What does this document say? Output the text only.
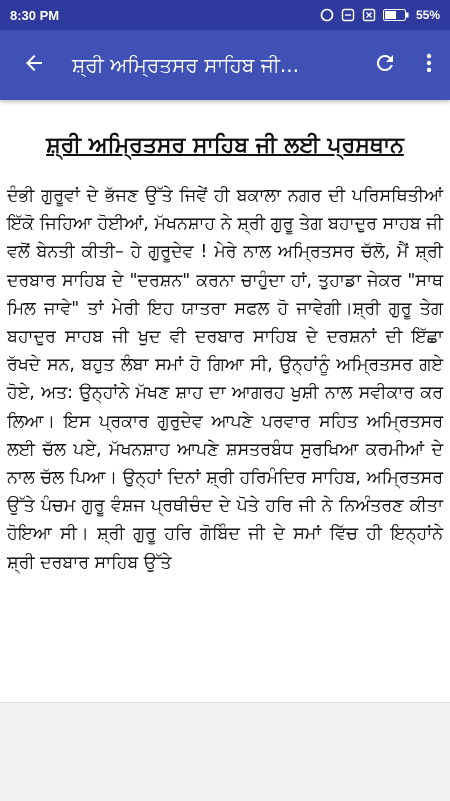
8:30 PM	55%
ਸ਼੍ਰੀ ਅਮ੍ਰਿਤਸਰ ਸਾਹਿਬ ਜੀ...
ਸ਼੍ਰੀ ਅਮ੍ਰਿਤਸਰ ਸਾਹਿਬ ਜੀ ਲਈ ਪ੍ਰਸਥਾਨ

ਦੰਭੀ ਗੁਰੂਵਾਂ ਦੇ ਭੱਜਣ ਉੱਤੇ ਜਿਵੇਂ ਹੀ ਬਕਾਲਾ ਨਗਰ ਦੀ ਪਰਿਸਥਿਤੀਆਂ ਇੱਕੋ ਜਿਹਿਆ ਹੋਈਆਂ, ਮੱਖਨਸ਼ਾਹ ਨੇ ਸ਼੍ਰੀ ਗੁਰੂ ਤੇਗ ਬਹਾਦੁਰ ਸਾਹਬ ਜੀ ਵਲੋਂ ਬੇਨਤੀ ਕੀਤੀ– ਹੇ ਗੁਰੂਦੇਵ ! ਮੇਰੇ ਨਾਲ ਅਮ੍ਰਿਤਸਰ ਚੱਲੋ, ਮੈਂ ਸ਼੍ਰੀ ਦਰਬਾਰ ਸਾਹਿਬ ਦੇ "ਦਰਸ਼ਨ" ਕਰਨਾ ਚਾਹੁੰਦਾ ਹਾਂ, ਤੁਹਾਡਾ ਜੇਕਰ "ਸਾਥ ਮਿਲ ਜਾਵੇ" ਤਾਂ ਮੇਰੀ ਇਹ ਯਾਤਰਾ ਸਫਲ ਹੋ ਜਾਵੇਗੀ।ਸ਼੍ਰੀ ਗੁਰੂ ਤੇਗ ਬਹਾਦੁਰ ਸਾਹਬ ਜੀ ਖੁਦ ਵੀ ਦਰਬਾਰ ਸਾਹਿਬ ਦੇ ਦਰਸ਼ਨਾਂ ਦੀ ਇੱਛਾ ਰੱਖਦੇ ਸਨ, ਬਹੁਤ ਲੰਬਾ ਸਮਾਂ ਹੋ ਗਿਆ ਸੀ, ਉਨ੍ਹਾਂਨੂੰ ਅਮ੍ਰਿਤਸਰ ਗਏ ਹੋਏ, ਅਤ: ਉਨ੍ਹਾਂਨੇ ਮੱਖਣ ਸ਼ਾਹ ਦਾ ਆਗਰਹ ਖੁਸ਼ੀ ਨਾਲ ਸਵੀਕਾਰ ਕਰ ਲਿਆ। ਇਸ ਪ੍ਰਕਾਰ ਗੁਰੁਦੇਵ ਆਪਣੇ ਪਰਵਾਰ ਸਹਿਤ ਅਮ੍ਰਿਤਸਰ ਲਈ ਚੱਲ ਪਏ, ਮੱਖਨਸ਼ਾਹ ਆਪਣੇ ਸ਼ਸਤਰਬੰਧ ਸੁਰਖਿਆ ਕਰਮੀਆਂ ਦੇ ਨਾਲ ਚੱਲ ਪਿਆ। ਉਨ੍ਹਾਂ ਦਿਨਾਂ ਸ਼੍ਰੀ ਹਰਿਮੰਦਿਰ ਸਾਹਿਬ, ਅਮ੍ਰਿਤਸਰ ਉੱਤੇ ਪੰਚਮ ਗੁਰੂ ਵੰਸ਼ਜ ਪ੍ਰਥੀਚੰਦ ਦੇ ਪੋਤੇ ਹਰਿ ਜੀ ਨੇ ਨਿਅੰਤਰਣ ਕੀਤਾ ਹੋਇਆ ਸੀ। ਸ਼੍ਰੀ ਗੁਰੂ ਹਰਿ ਗੋਬਿੰਦ ਜੀ ਦੇ ਸਮਾਂ ਵਿੱਚ ਹੀ ਇਨ੍ਹਾਂਨੇ ਸ਼੍ਰੀ ਦਰਬਾਰ ਸਾਹਿਬ ਉੱਤੇ
